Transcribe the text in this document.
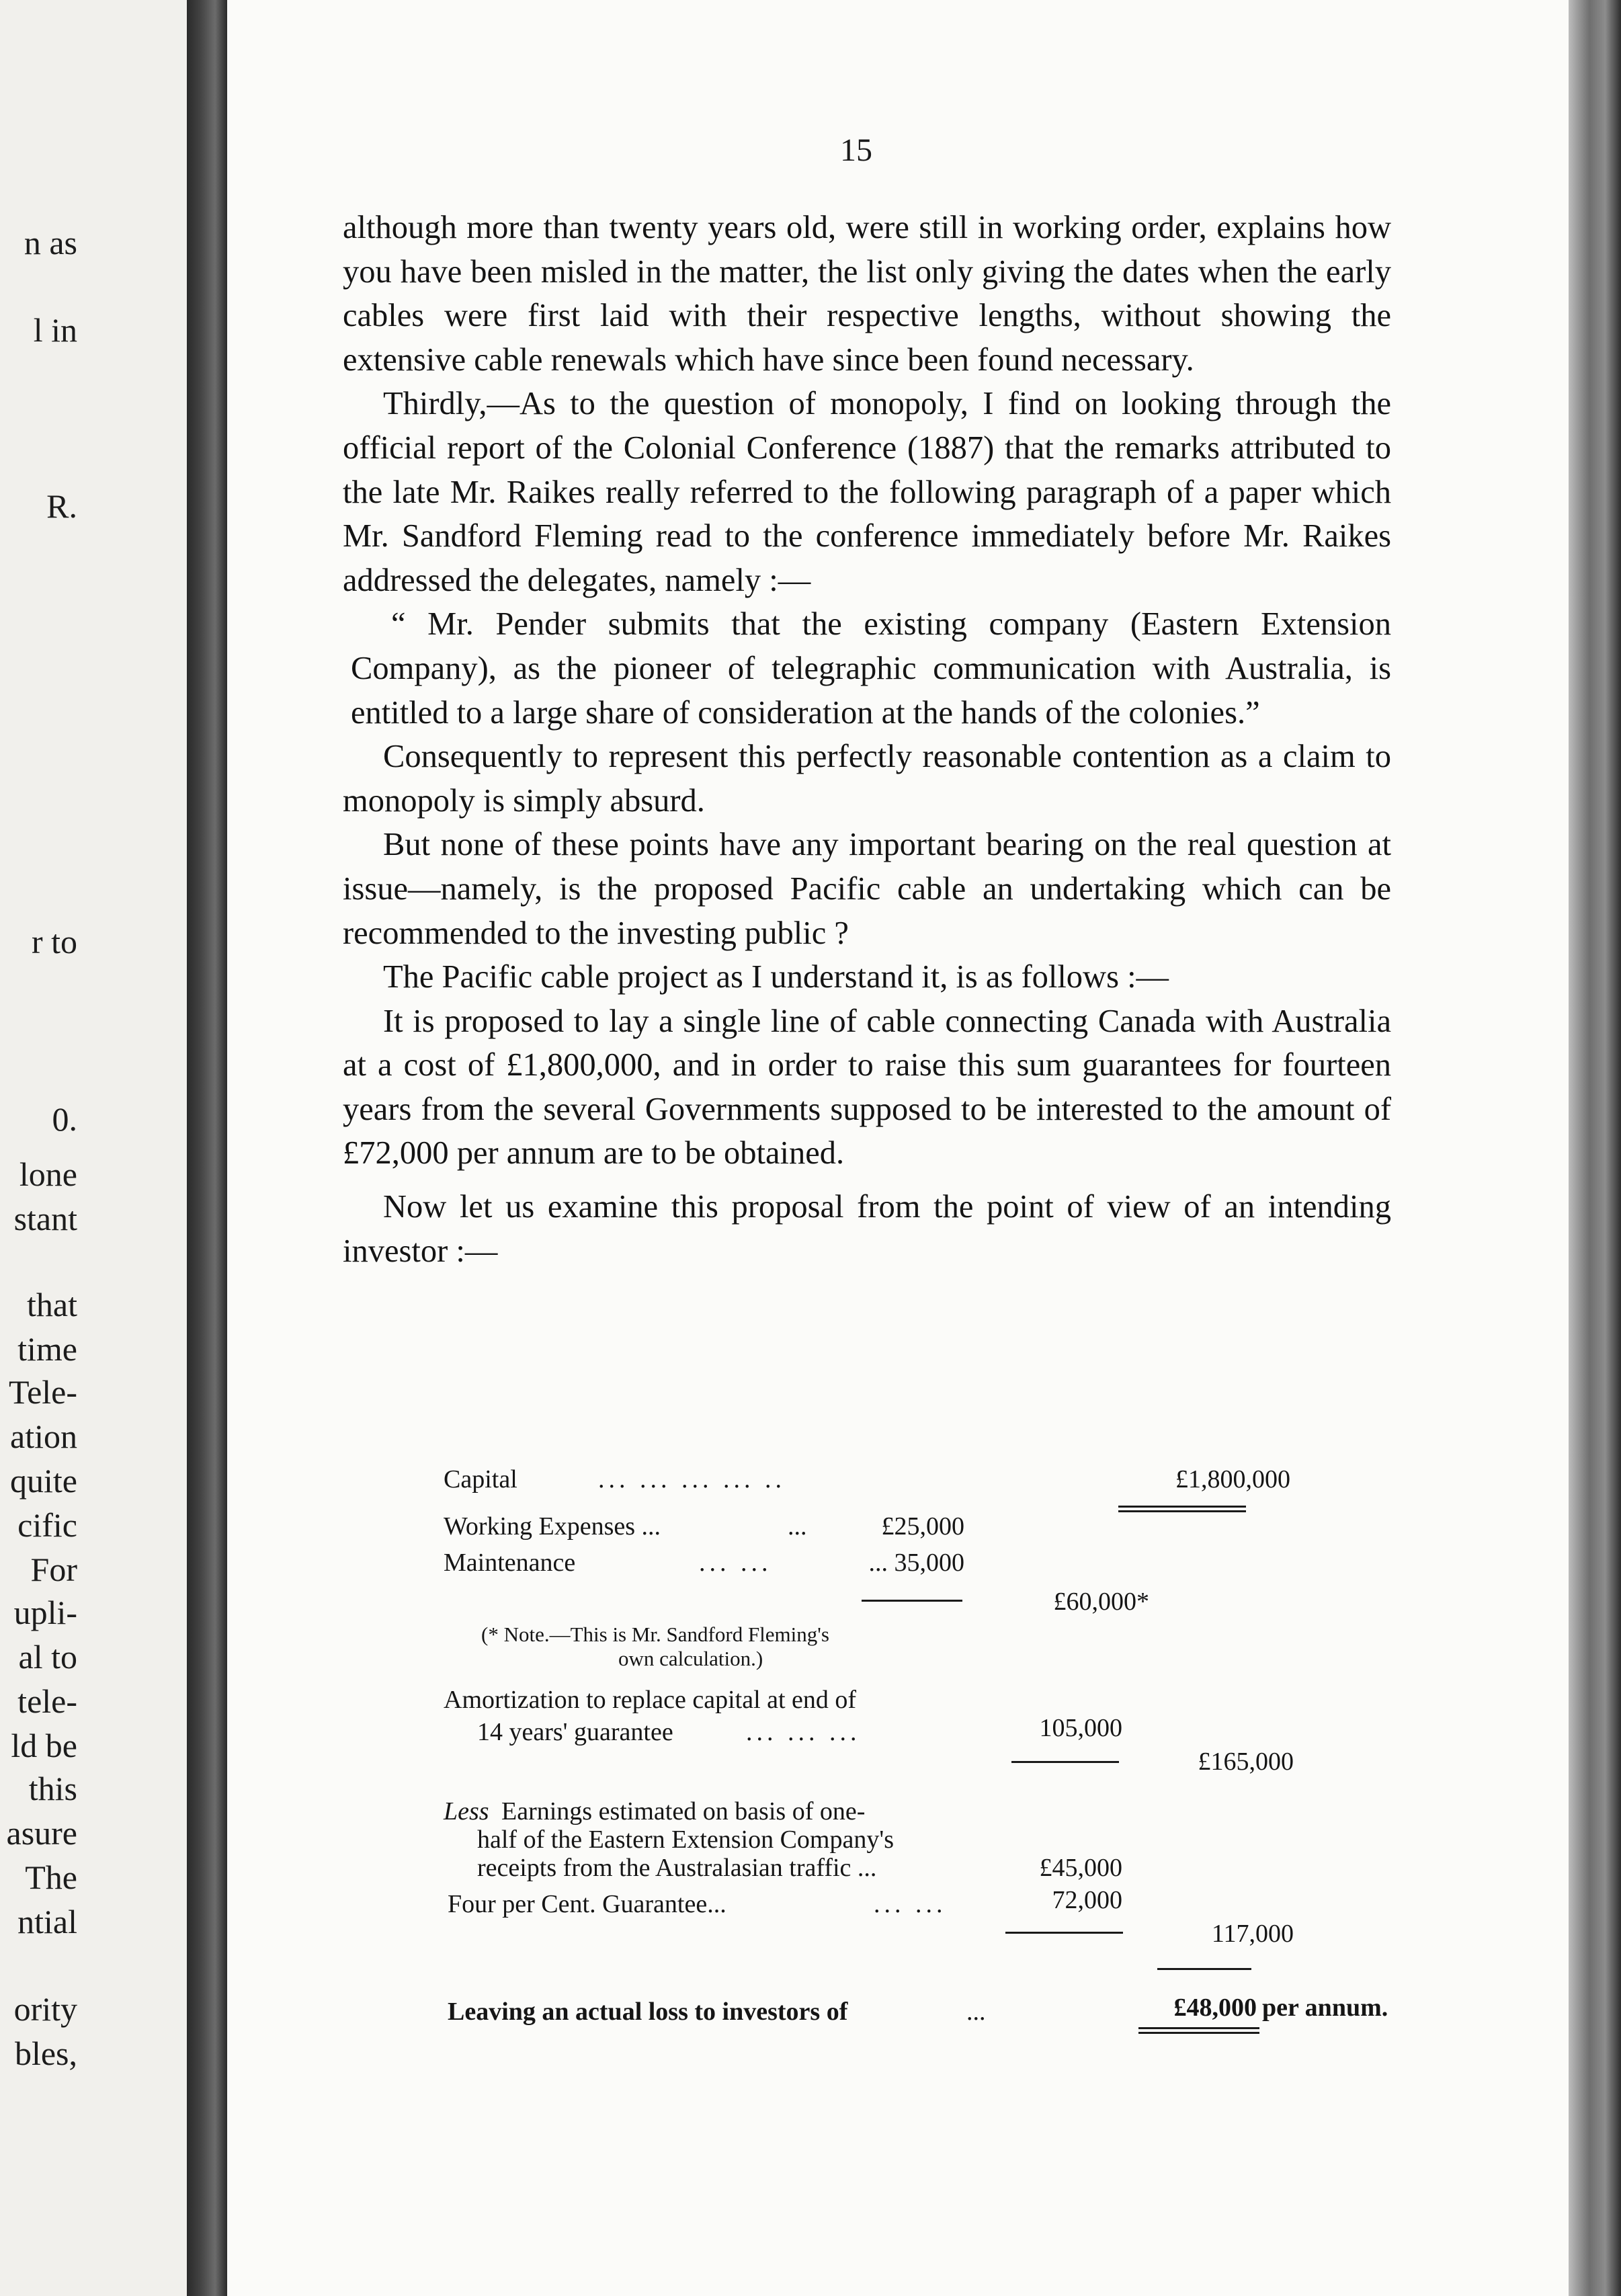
n as
l in
R.
r to
0.
lone
stant
that
time
Tele-
ation
quite
cific
For
upli-
al to
tele-
ld be
this
asure
The
ntial
ority
bles,
15

although more than twenty years old, were still in working order, explains how you have been misled in the matter, the list only giving the dates when the early cables were first laid with their respective lengths, without showing the extensive cable renewals which have since been found necessary.

Thirdly,—As to the question of monopoly, I find on looking through the official report of the Colonial Conference (1887) that the remarks attributed to the late Mr. Raikes really referred to the following paragraph of a paper which Mr. Sandford Fleming read to the conference immediately before Mr. Raikes addressed the delegates, namely :—

“ Mr. Pender submits that the existing company (Eastern Extension Company), as the pioneer of telegraphic communication with Australia, is entitled to a large share of consideration at the hands of the colonies.”

Consequently to represent this perfectly reasonable contention as a claim to monopoly is simply absurd.

But none of these points have any important bearing on the real question at issue—namely, is the proposed Pacific cable an undertaking which can be recommended to the investing public ?

The Pacific cable project as I understand it, is as follows :—

It is proposed to lay a single line of cable connecting Canada with Australia at a cost of £1,800,000, and in order to raise this sum guarantees for fourteen years from the several Governments supposed to be interested to the amount of £72,000 per annum are to be obtained.

Now let us examine this proposal from the point of view of an intending investor :—

Capital	... ... ... ... ..	£1,800,000
Working Expenses ...	...	£25,000
Maintenance	... ...	... 35,000
£60,000*
(* Note.—This is Mr. Sandford Fleming's
own calculation.)
Amortization to replace capital at end of
14 years' guarantee	... ... ...	105,000
£165,000
Less Earnings estimated on basis of one-
half of the Eastern Extension Company's
receipts from the Australasian traffic ...	£45,000
Four per Cent. Guarantee...	... ...	72,000
117,000
Leaving an actual loss to investors of	...	£48,000 per annum.
